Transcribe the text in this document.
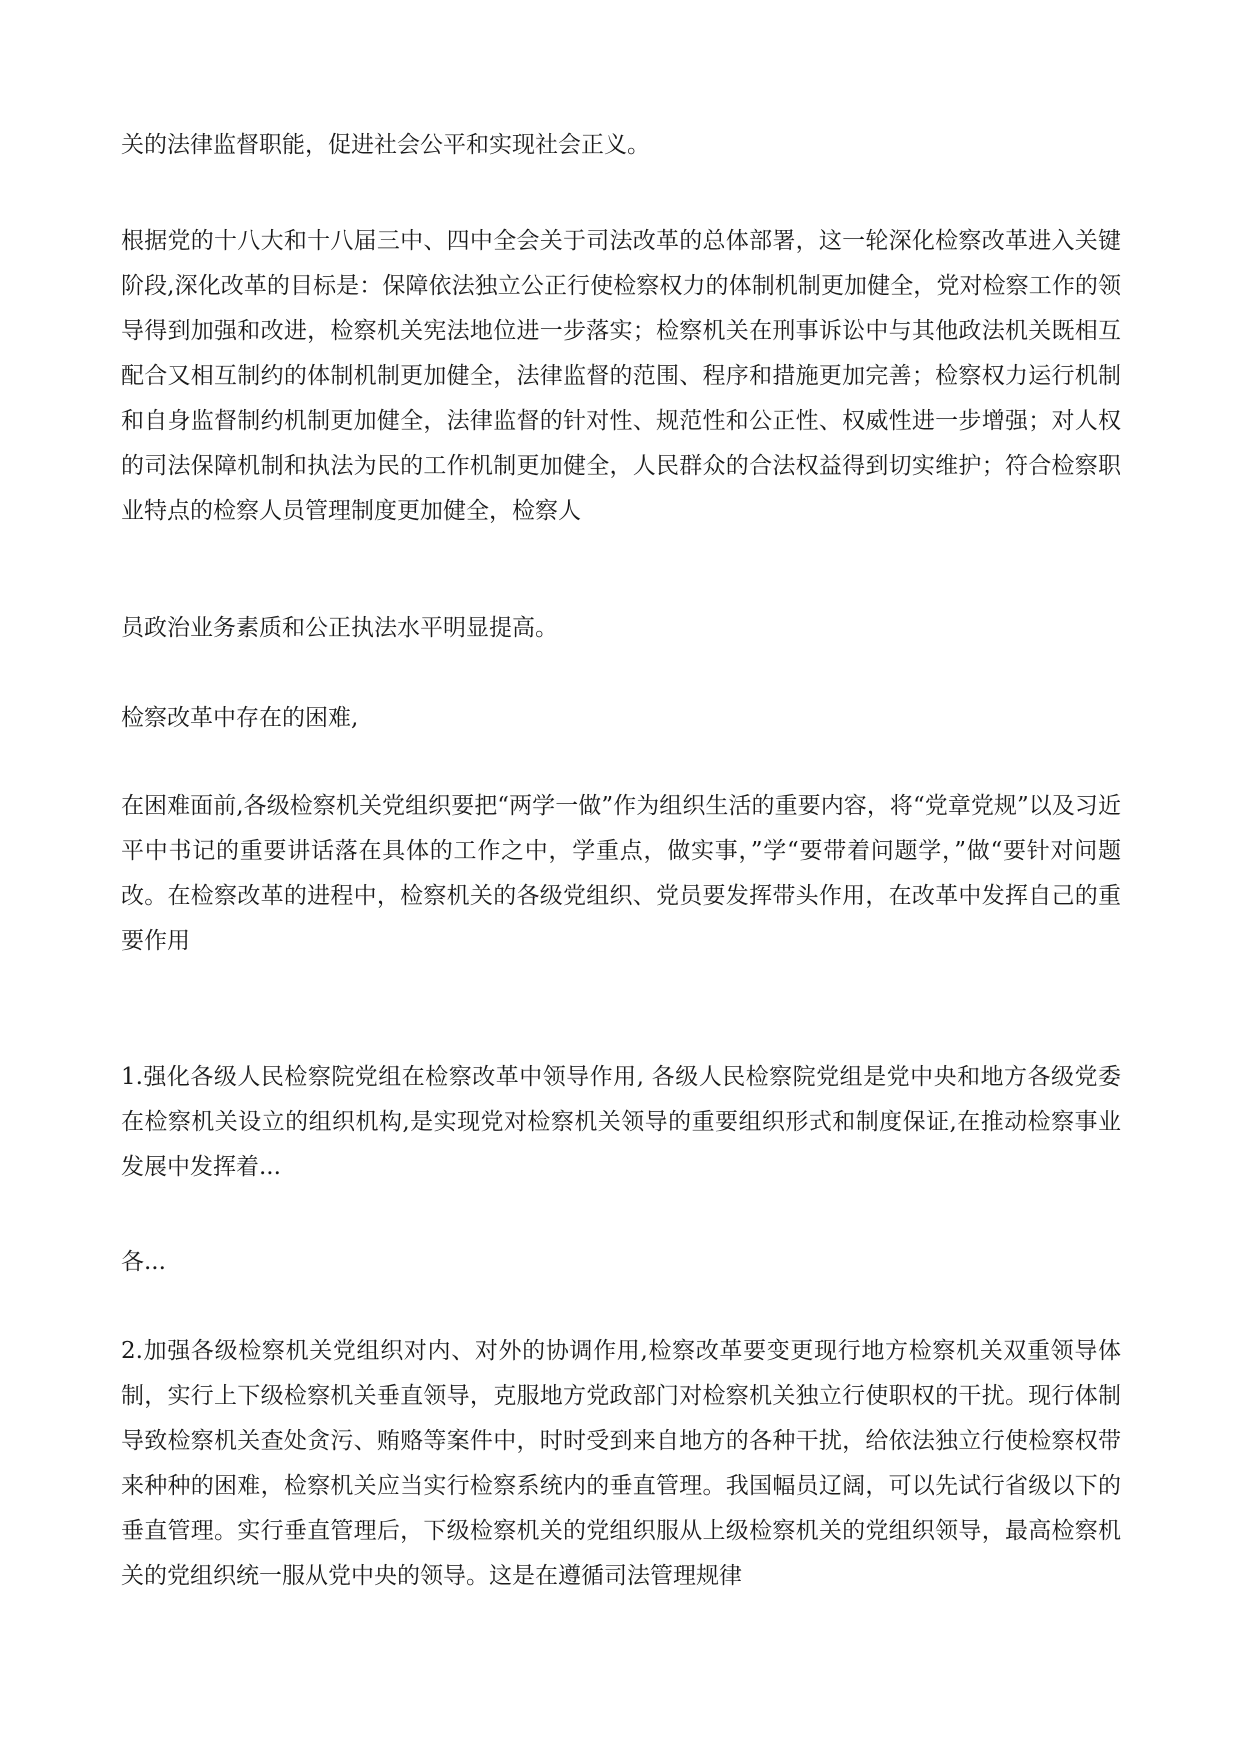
关的法律监督职能，促进社会公平和实现社会正义。

根据党的十八大和十八届三中、四中全会关于司法改革的总体部署，这一轮深化检察改革进入关键阶段,深化改革的目标是：保障依法独立公正行使检察权力的体制机制更加健全，党对检察工作的领导得到加强和改进，检察机关宪法地位进一步落实；检察机关在刑事诉讼中与其他政法机关既相互配合又相互制约的体制机制更加健全，法律监督的范围、程序和措施更加完善；检察权力运行机制和自身监督制约机制更加健全，法律监督的针对性、规范性和公正性、权威性进一步增强；对人权的司法保障机制和执法为民的工作机制更加健全，人民群众的合法权益得到切实维护；符合检察职业特点的检察人员管理制度更加健全，检察人

员政治业务素质和公正执法水平明显提高。

检察改革中存在的困难,

在困难面前,各级检察机关党组织要把“两学一做”作为组织生活的重要内容，将“党章党规”以及习近平中书记的重要讲话落在具体的工作之中，学重点，做实事，”学“要带着问题学，”做“要针对问题改。在检察改革的进程中，检察机关的各级党组织、党员要发挥带头作用，在改革中发挥自己的重要作用

1.强化各级人民检察院党组在检察改革中领导作用, 各级人民检察院党组是党中央和地方各级党委在检察机关设立的组织机构,是实现党对检察机关领导的重要组织形式和制度保证,在推动检察事业发展中发挥着...

各...

2.加强各级检察机关党组织对内、对外的协调作用,检察改革要变更现行地方检察机关双重领导体制，实行上下级检察机关垂直领导，克服地方党政部门对检察机关独立行使职权的干扰。现行体制导致检察机关查处贪污、贿赂等案件中，时时受到来自地方的各种干扰，给依法独立行使检察权带来种种的困难，检察机关应当实行检察系统内的垂直管理。我国幅员辽阔，可以先试行省级以下的垂直管理。实行垂直管理后，下级检察机关的党组织服从上级检察机关的党组织领导，最高检察机关的党组织统一服从党中央的领导。这是在遵循司法管理规律
